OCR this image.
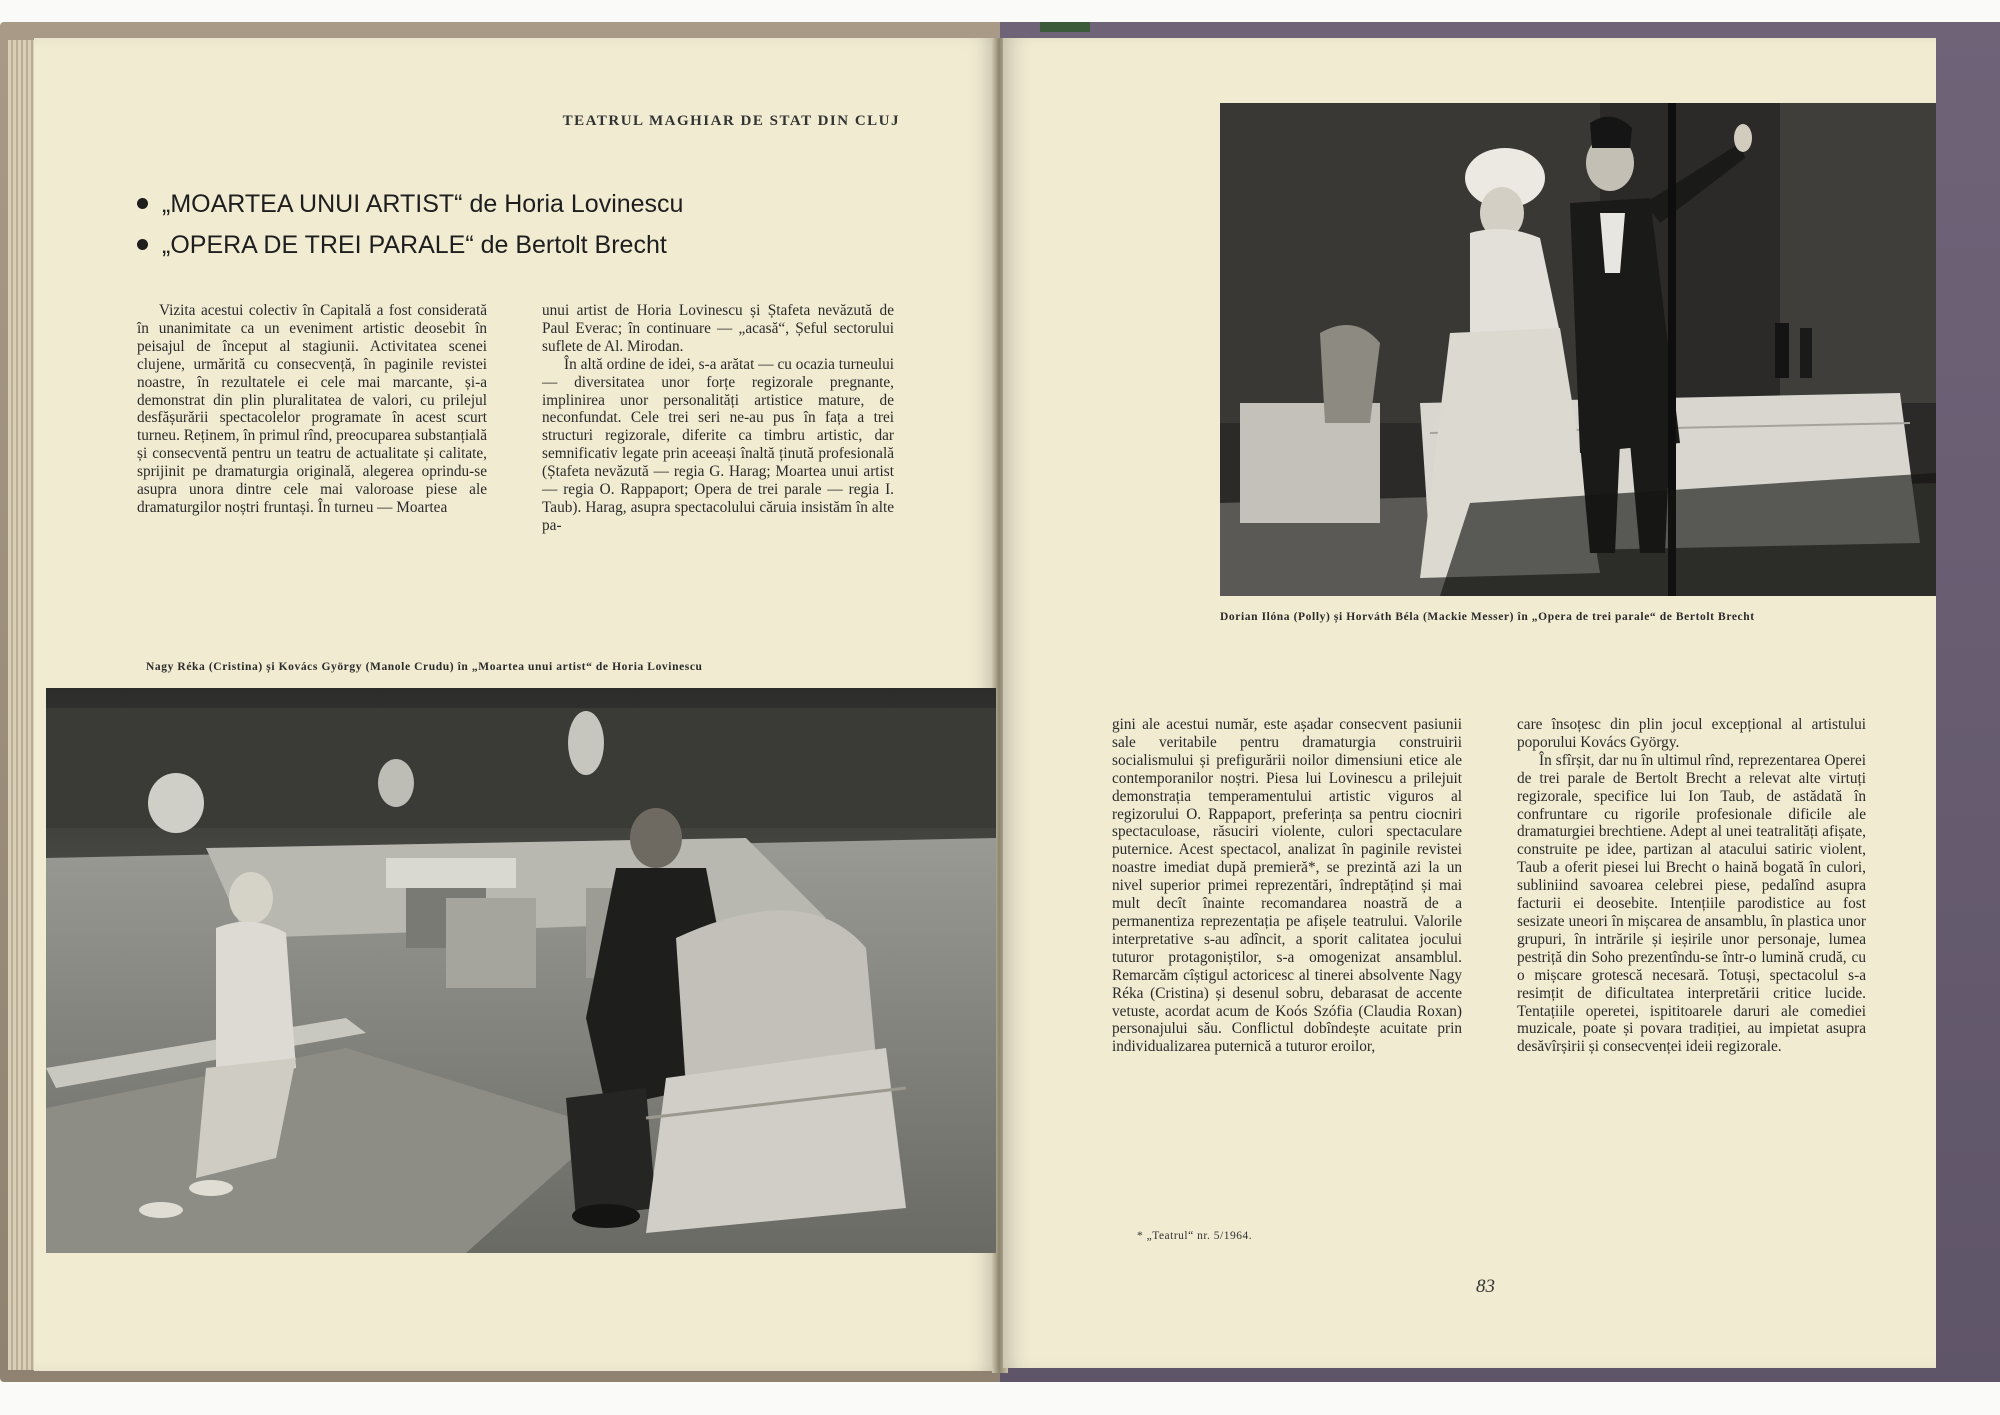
TEATRUL MAGHIAR DE STAT DIN CLUJ
„MOARTEA UNUI ARTIST“ de Horia Lovinescu
„OPERA DE TREI PARALE“ de Bertolt Brecht

Vizita acestui colectiv în Capitală a fost considerată în unanimitate ca un eveniment artistic deosebit în peisajul de început al stagiunii. Activitatea scenei clujene, urmărită cu consecvență, în paginile revistei noastre, în rezultatele ei cele mai marcante, și-a demonstrat din plin pluralitatea de valori, cu prilejul desfășurării spectacolelor programate în acest scurt turneu. Reținem, în primul rînd, preocuparea substanțială și consecventă pentru un teatru de actualitate și calitate, sprijinit pe dramaturgia originală, alegerea oprindu-se asupra unora dintre cele mai valoroase piese ale dramaturgilor noștri fruntași. În turneu — Moartea

unui artist de Horia Lovinescu și Ștafeta nevăzută de Paul Everac; în continuare — „acasă“, Șeful sectorului suflete de Al. Mirodan.

În altă ordine de idei, s-a arătat — cu ocazia turneului — diversitatea unor forțe regizorale pregnante, implinirea unor personalități artistice mature, de neconfundat. Cele trei seri ne-au pus în fața a trei structuri regizorale, diferite ca timbru artistic, dar semnificativ legate prin aceeași înaltă ținută profesională (Ștafeta nevăzută — regia G. Harag; Moartea unui artist — regia O. Rappaport; Opera de trei parale — regia I. Taub). Harag, asupra spectacolului căruia insistăm în alte pa-

Nagy Réka (Cristina) și Kovács György (Manole Crudu) în „Moartea unui artist“ de Horia Lovinescu
Dorian Ilóna (Polly) și Horváth Béla (Mackie Messer) în „Opera de trei parale“ de Bertolt Brecht

gini ale acestui număr, este așadar consecvent pasiunii sale veritabile pentru dramaturgia construirii socialismului și prefigurării noilor dimensiuni etice ale contemporanilor noștri. Piesa lui Lovinescu a prilejuit demonstrația temperamentului artistic viguros al regizorului O. Rappaport, preferința sa pentru ciocniri spectaculoase, răsuciri violente, culori spectaculare puternice. Acest spectacol, analizat în paginile revistei noastre imediat după premieră*, se prezintă azi la un nivel superior primei reprezentări, îndreptățind și mai mult decît înainte recomandarea noastră de a permanentiza reprezentația pe afișele teatrului. Valorile interpretative s-au adîncit, a sporit calitatea jocului tuturor protagoniștilor, s-a omogenizat ansamblul. Remarcăm cîștigul actoricesc al tinerei absolvente Nagy Réka (Cristina) și desenul sobru, debarasat de accente vetuste, acordat acum de Koós Szófia (Claudia Roxan) personajului său. Conflictul dobîndește acuitate prin individualizarea puternică a tuturor eroilor,

care însoțesc din plin jocul excepțional al artistului poporului Kovács György.

În sfîrșit, dar nu în ultimul rînd, reprezentarea Operei de trei parale de Bertolt Brecht a relevat alte virtuți regizorale, specifice lui Ion Taub, de astădată în confruntare cu rigorile profesionale dificile ale dramaturgiei brechtiene. Adept al unei teatralități afișate, construite pe idee, partizan al atacului satiric violent, Taub a oferit piesei lui Brecht o haină bogată în culori, subliniind savoarea celebrei piese, pedalînd asupra facturii ei deosebite. Intențiile parodistice au fost sesizate uneori în mișcarea de ansamblu, în plastica unor grupuri, în intrările și ieșirile unor personaje, lumea pestriță din Soho prezentîndu-se într-o lumină crudă, cu o mișcare grotescă necesară. Totuși, spectacolul s-a resimțit de dificultatea interpretării critice lucide. Tentațiile operetei, ispititoarele daruri ale comediei muzicale, poate și povara tradiției, au impietat asupra desăvîrșirii și consecvenței ideii regizorale.

* „Teatrul“ nr. 5/1964.
83
